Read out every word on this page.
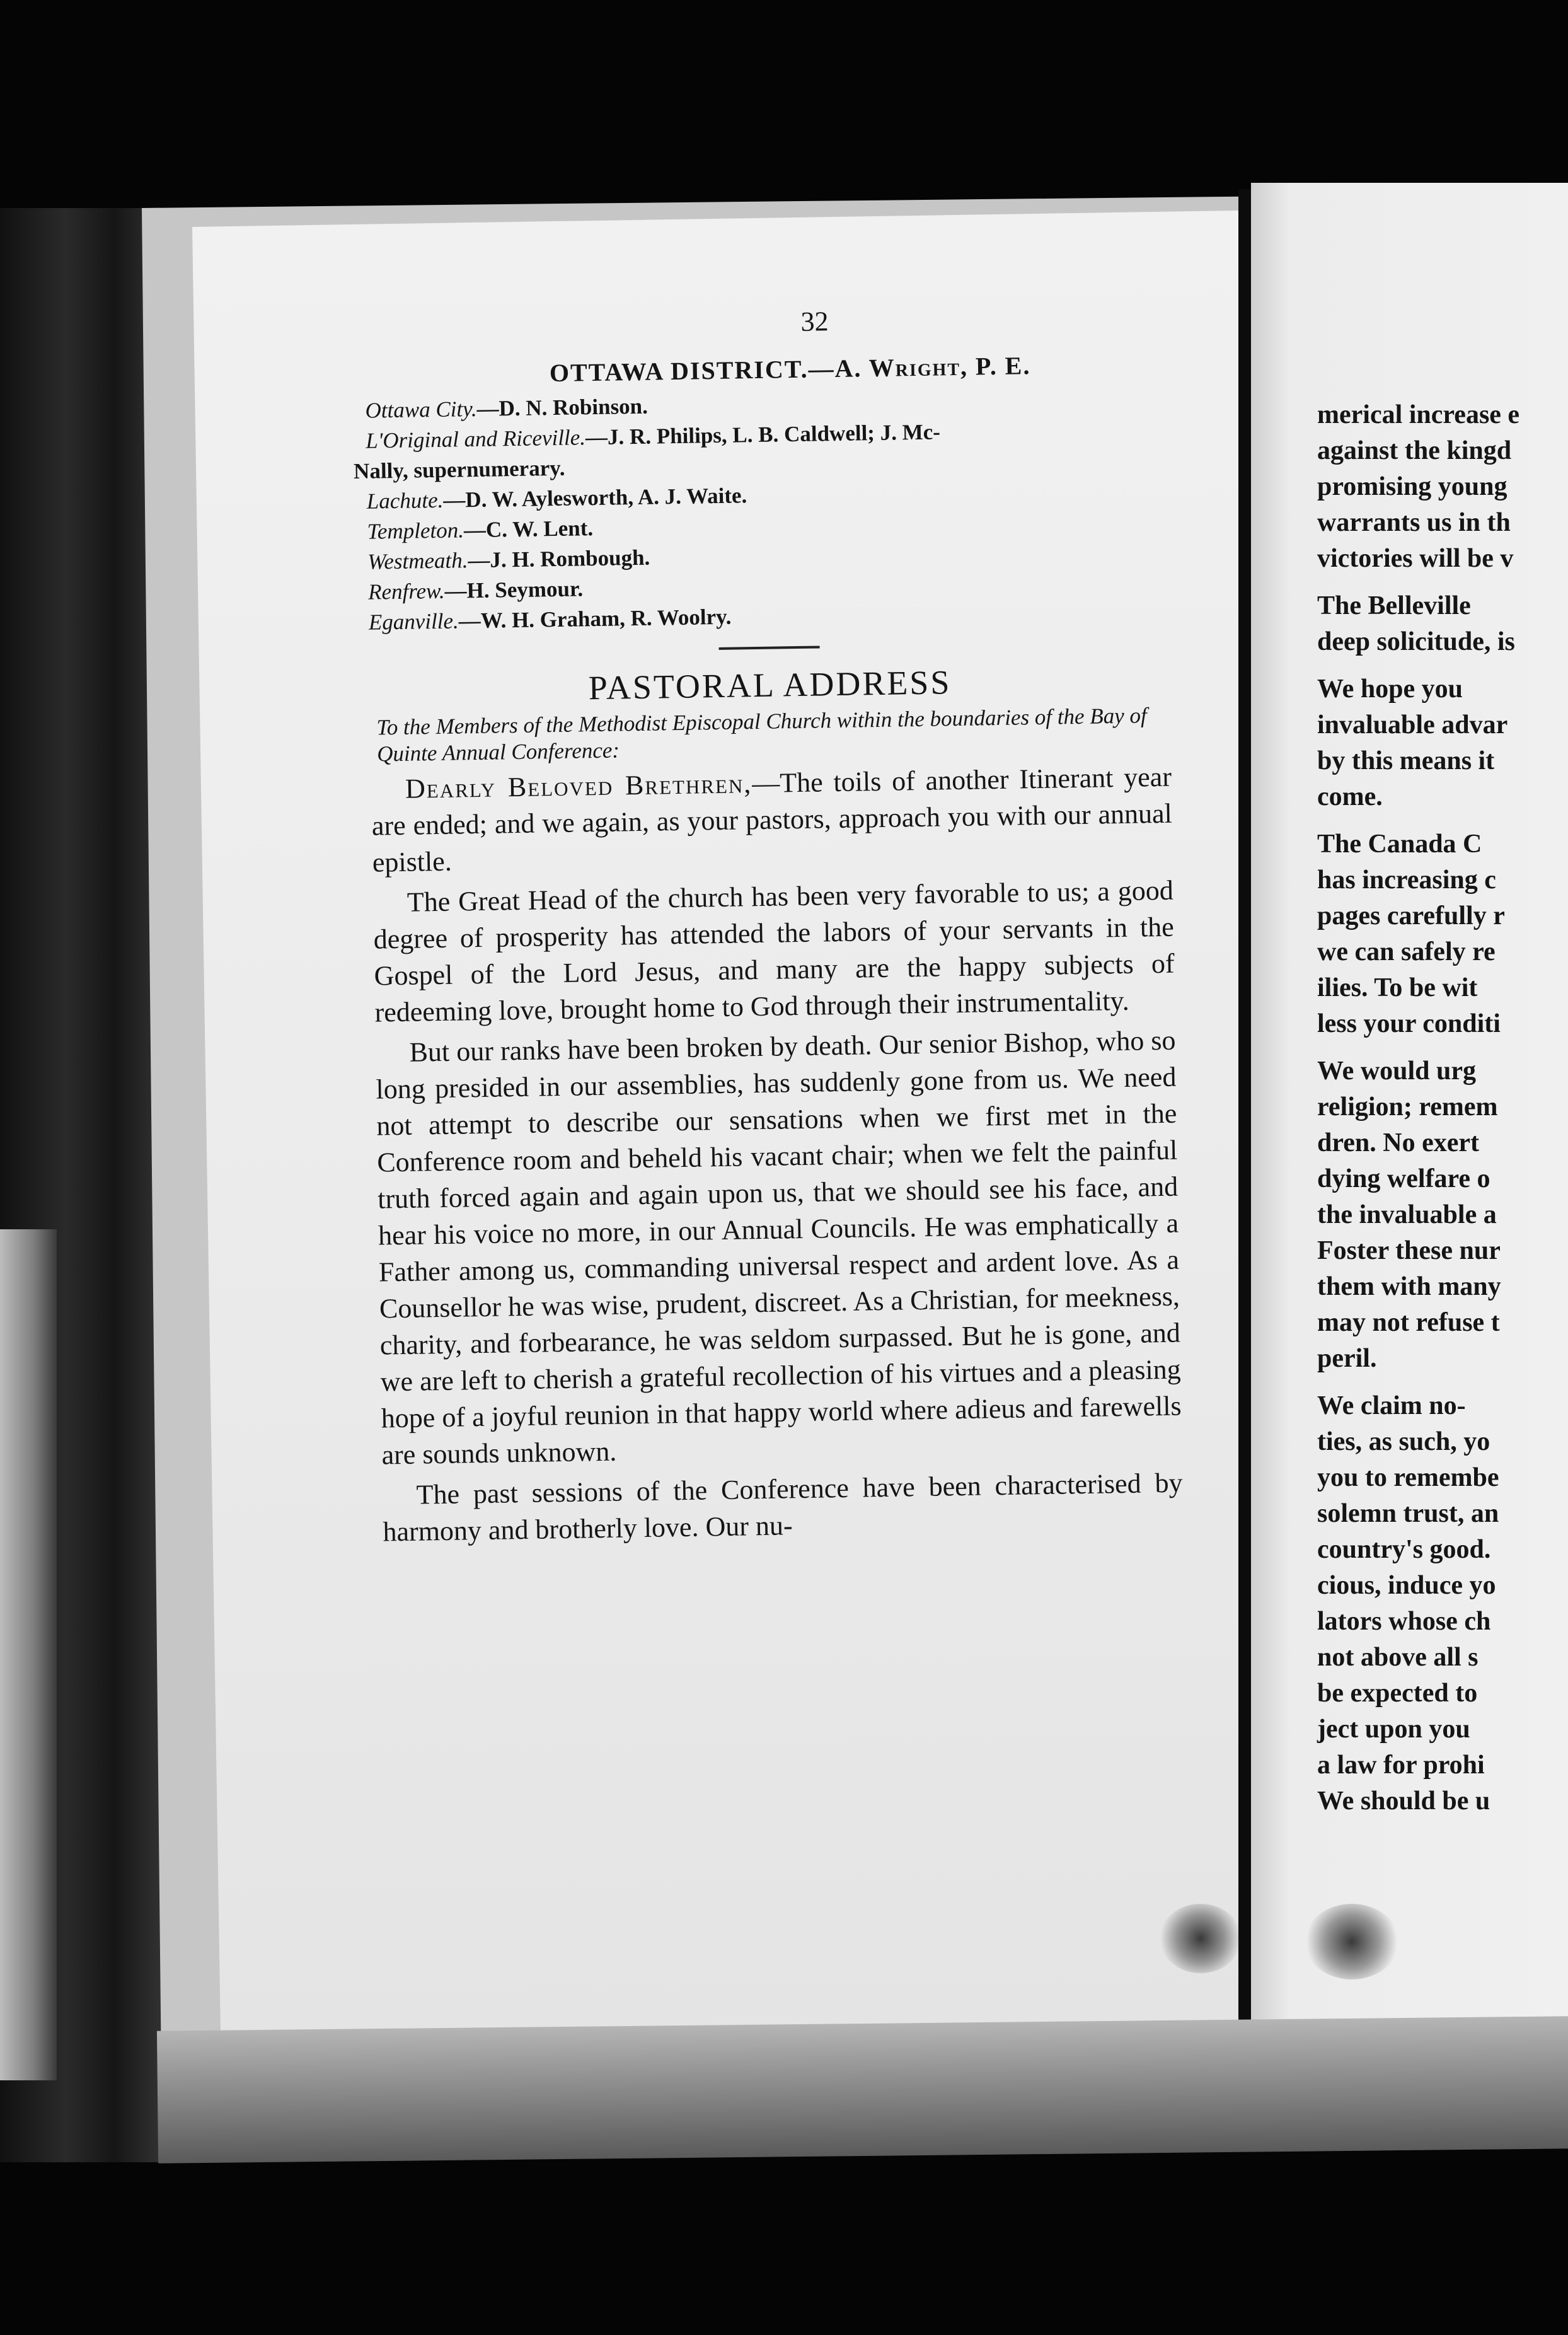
32
OTTAWA DISTRICT.—A. Wright, P. E.
Ottawa City.—D. N. Robinson.
L'Original and Riceville.—J. R. Philips, L. B. Caldwell; J. Mc-
Nally, supernumerary.
Lachute.—D. W. Aylesworth, A. J. Waite.
Templeton.—C. W. Lent.
Westmeath.—J. H. Rombough.
Renfrew.—H. Seymour.
Eganville.—W. H. Graham, R. Woolry.
PASTORAL ADDRESS
To the Members of the Methodist Episcopal Church within the boundaries of the Bay of Quinte Annual Conference:
Dearly Beloved Brethren,—The toils of another Itinerant year are ended; and we again, as your pastors, approach you with our annual epistle.
The Great Head of the church has been very favorable to us; a good degree of prosperity has attended the labors of your servants in the Gospel of the Lord Jesus, and many are the happy subjects of redeeming love, brought home to God through their instrumentality.
But our ranks have been broken by death. Our senior Bishop, who so long presided in our assemblies, has suddenly gone from us. We need not attempt to describe our sensations when we first met in the Conference room and beheld his vacant chair; when we felt the painful truth forced again and again upon us, that we should see his face, and hear his voice no more, in our Annual Councils. He was emphatically a Father among us, commanding universal respect and ardent love. As a Counsellor he was wise, prudent, discreet. As a Christian, for meekness, charity, and forbearance, he was seldom surpassed. But he is gone, and we are left to cherish a grateful recollection of his virtues and a pleasing hope of a joyful reunion in that happy world where adieus and farewells are sounds unknown.
The past sessions of the Conference have been characterised by harmony and brotherly love. Our nu-
merical increase e
against the kingd
promising young
warrants us in th
victories will be v
The Belleville
deep solicitude, is
We hope you
invaluable advar
by this means it
come.
The Canada C
has increasing c
pages carefully r
we can safely re
ilies. To be wit
less your conditi
We would urg
religion; remem
dren. No exert
dying welfare o
the invaluable a
Foster these nur
them with many
may not refuse t
peril.
We claim no-
ties, as such, yo
you to remembe
solemn trust, an
country's good.
cious, induce yo
lators whose ch
not above all s
be expected to
ject upon you
a law for prohi
We should be u
